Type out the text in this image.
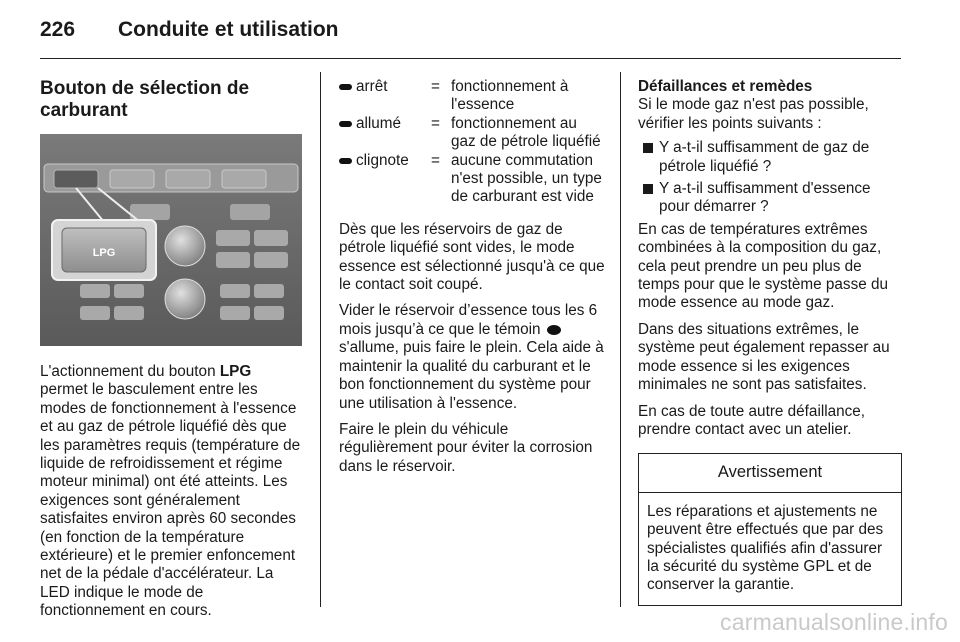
226	Conduite et utilisation
Bouton de sélection de
carburant
LPG

L'actionnement du bouton LPG permet le basculement entre les modes de fonctionnement à l'essence et au gaz de pétrole liquéfié dès que les paramètres requis (température de liquide de refroidissement et régime moteur minimal) ont été atteints. Les exigences sont généralement satisfaites environ après 60 secondes (en fonction de la température extérieure) et le premier enfoncement net de la pédale d'accélérateur. La LED indique le mode de fonctionnement en cours.

arrêt	= fonctionnement à l'essence
allumé = fonctionnement au gaz de pétrole liquéfié
clignote = aucune commutation n'est possible, un type de carburant est vide

Dès que les réservoirs de gaz de pétrole liquéfié sont vides, le mode essence est sélectionné jusqu'à ce que le contact soit coupé.

Vider le réservoir d’essence tous les 6 mois jusqu’à ce que le témoin  s'allume, puis faire le plein. Cela aide à maintenir la qualité du carburant et le bon fonctionnement du système pour une utilisation à l'essence.

Faire le plein du véhicule régulièrement pour éviter la corrosion dans le réservoir.

Défaillances et remèdes

Si le mode gaz n'est pas possible, vérifier les points suivants :

Y a-t-il suffisamment de gaz de pétrole liquéfié ?
Y a-t-il suffisamment d'essence pour démarrer ?

En cas de températures extrêmes combinées à la composition du gaz, cela peut prendre un peu plus de temps pour que le système passe du mode essence au mode gaz.

Dans des situations extrêmes, le système peut également repasser au mode essence si les exigences minimales ne sont pas satisfaites.

En cas de toute autre défaillance, prendre contact avec un atelier.

Avertissement
Les réparations et ajustements ne peuvent être effectués que par des spécialistes qualifiés afin d'assurer la sécurité du système GPL et de conserver la garantie.
carmanualsonline.info
